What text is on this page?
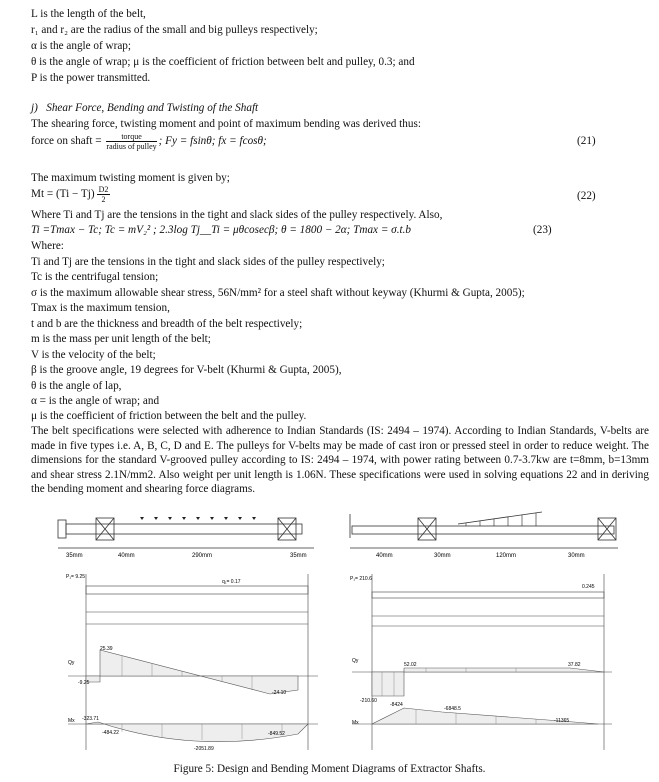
L is the length of the belt,
r₁ and r₂ are the radius of the small and big pulleys respectively;
α is the angle of wrap;
θ is the angle of wrap; μ is the coefficient of friction between belt and pulley, 0.3; and
P is the power transmitted.
j) Shear Force, Bending and Twisting of the Shaft
The shearing force, twisting moment and point of maximum bending was derived thus:
force on shaft = $\frac{\text{torque}}{\text{radius of pulley}}$ ; Fy = fsinθ; fx = fcosθ;	(21)
The maximum twisting moment is given by;
$Mt = (Ti - Tj) \frac{D2}{2}$	(22)
Where Ti and Tj are the tensions in the tight and slack sides of the pulley respectively. Also,
Ti =Tmax − Tc; Tc = mV₂² ; 2.3log Tj__Ti = μθcosecβ; θ = 1800 − 2α; Tmax = σ.t.b	(23)
Where:
Ti and Tj are the tensions in the tight and slack sides of the pulley respectively;
Tc is the centrifugal tension;
σ is the maximum allowable shear stress, 56N/mm² for a steel shaft without keyway (Khurmi & Gupta, 2005);
Tmax is the maximum tension,
t and b are the thickness and breadth of the belt respectively;
m is the mass per unit length of the belt;
V is the velocity of the belt;
β is the groove angle, 19 degrees for V-belt (Khurmi & Gupta, 2005),
θ is the angle of lap,
α = is the angle of wrap; and
μ is the coefficient of friction between the belt and the pulley.
The belt specifications were selected with adherence to Indian Standards (IS: 2494 – 1974). According to Indian Standards, V-belts are made in five types i.e. A, B, C, D and E. The pulleys for V-belts may be made of cast iron or pressed steel in order to reduce weight. The dimensions for the standard V-grooved pulley according to IS: 2494 – 1974, with power rating between 0.7-3.7kw are t=8mm, b=13mm and shear stress 2.1N/mm2. Also weight per unit length is 1.06N. These specifications were used in solving equations 22 and in deriving the bending moment and shearing force diagrams.
35mm	40mm	290mm	35mm	40mm	30mm	120mm	30mm
P₁= 9.25
q₁= 0.17
Qy
25.39
-9.25
-24.10
Mx -323.71
-484.22
-2051.89
-849.52
P₁= 210.6
0.245
Qy
52.02	37.82
-210.60
Mx
-8424
-6848.5
-11365
Figure 5: Design and Bending Moment Diagrams of Extractor Shafts.
